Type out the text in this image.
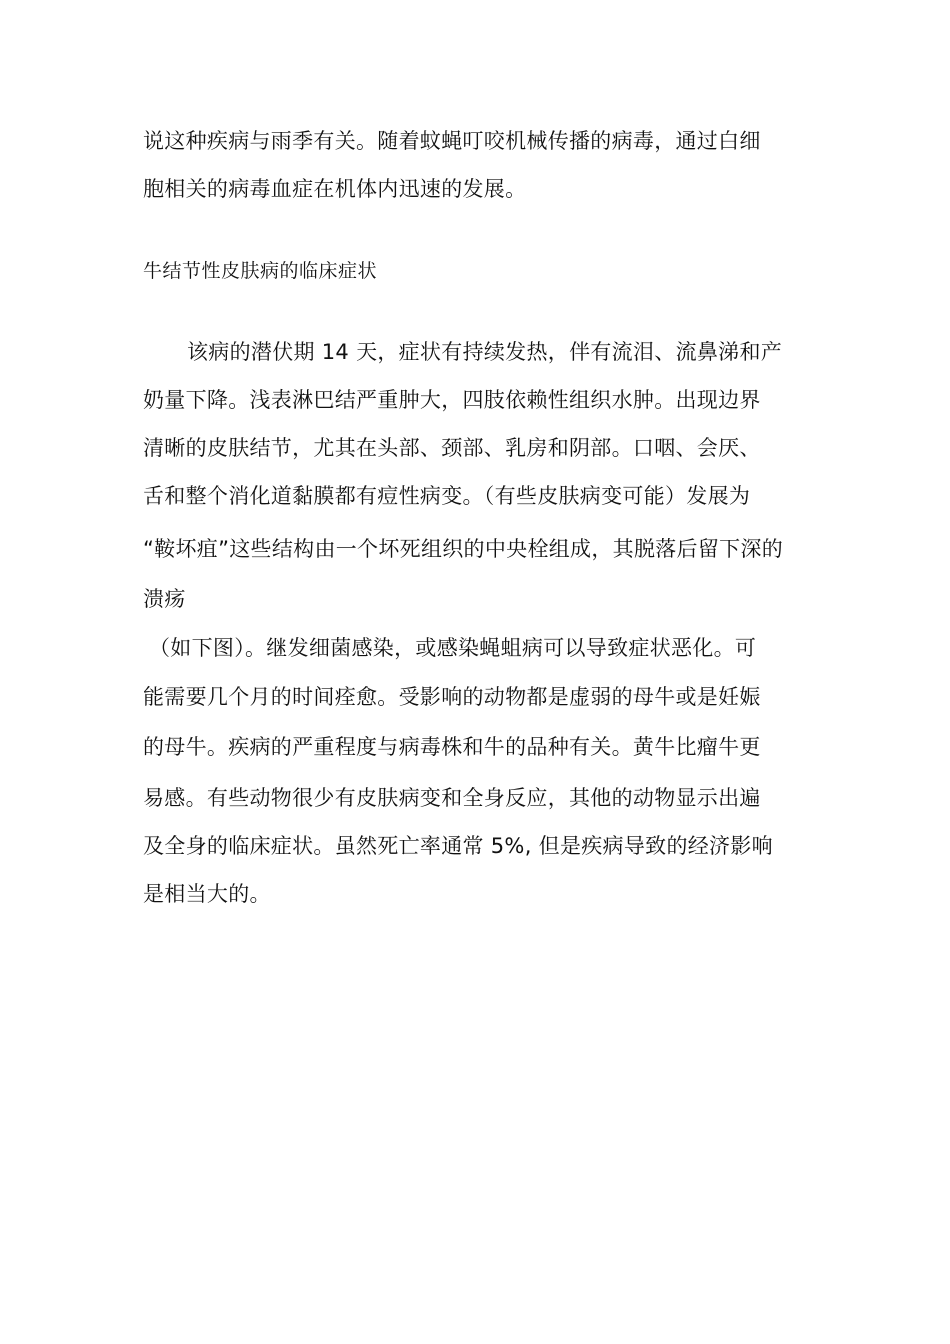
说这种疾病与雨季有关。随着蚊蝇叮咬机械传播的病毒，通过白细
胞相关的病毒血症在机体内迅速的发展。
牛结节性皮肤病的临床症状
该病的潜伏期 14 天，症状有持续发热，伴有流泪、流鼻涕和产
奶量下降。浅表淋巴结严重肿大，四肢依赖性组织水肿。出现边界
清晰的皮肤结节，尤其在头部、颈部、乳房和阴部。口咽、会厌、
舌和整个消化道黏膜都有痘性病变。（有些皮肤病变可能）发展为
“鞍坏疽”这些结构由一个坏死组织的中央栓组成，其脱落后留下深的
溃疡
（如下图）。继发细菌感染，或感染蝇蛆病可以导致症状恶化。可
能需要几个月的时间痊愈。受影响的动物都是虚弱的母牛或是妊娠
的母牛。疾病的严重程度与病毒株和牛的品种有关。黄牛比瘤牛更
易感。有些动物很少有皮肤病变和全身反应，其他的动物显示出遍
及全身的临床症状。虽然死亡率通常 5%, 但是疾病导致的经济影响
是相当大的。
